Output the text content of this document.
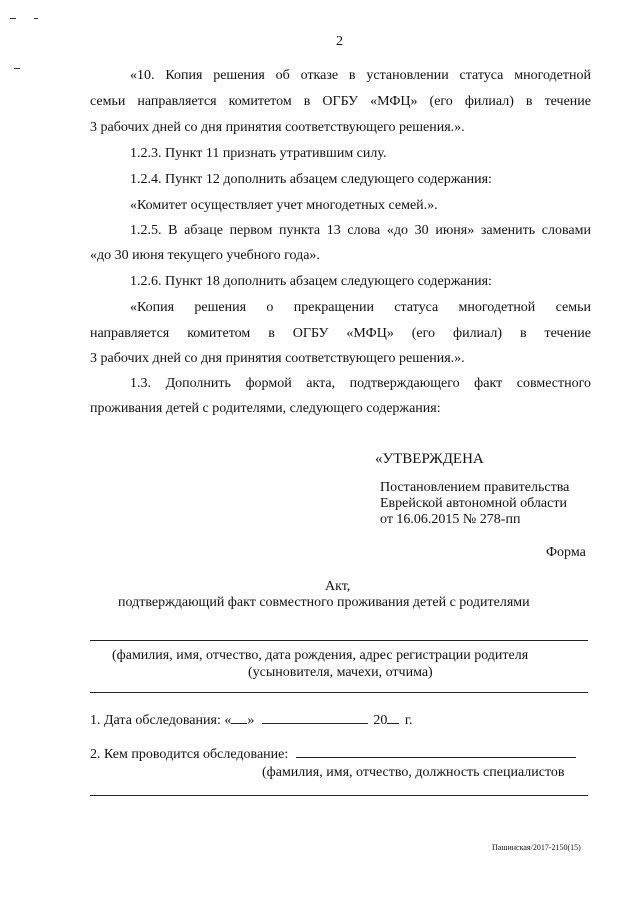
2
«10. Копия решения об отказе в установлении статуса многодетной
семьи направляется комитетом в ОГБУ «МФЦ» (его филиал) в течение
3 рабочих дней со дня принятия соответствующего решения.».
1.2.3. Пункт 11 признать утратившим силу.
1.2.4. Пункт 12 дополнить абзацем следующего содержания:
«Комитет осуществляет учет многодетных семей.».
1.2.5. В абзаце первом пункта 13 слова «до 30 июня» заменить словами
«до 30 июня текущего учебного года».
1.2.6. Пункт 18 дополнить абзацем следующего содержания:
«Копия решения о прекращении статуса многодетной семьи
направляется комитетом в ОГБУ «МФЦ» (его филиал) в течение
3 рабочих дней со дня принятия соответствующего решения.».
1.3. Дополнить формой акта, подтверждающего факт совместного
проживания детей с родителями, следующего содержания:
«УТВЕРЖДЕНА
Постановлением правительства
Еврейской автономной области
от 16.06.2015 № 278-пп
Форма
Акт,
подтверждающий факт совместного проживания детей с родителями
(фамилия, имя, отчество, дата рождения, адрес регистрации родителя
(усыновителя, мачехи, отчима)
1. Дата обследования: « »	20 г.
2. Кем проводится обследование:
(фамилия, имя, отчество, должность специалистов
Пашинская/2017-2150(15)
